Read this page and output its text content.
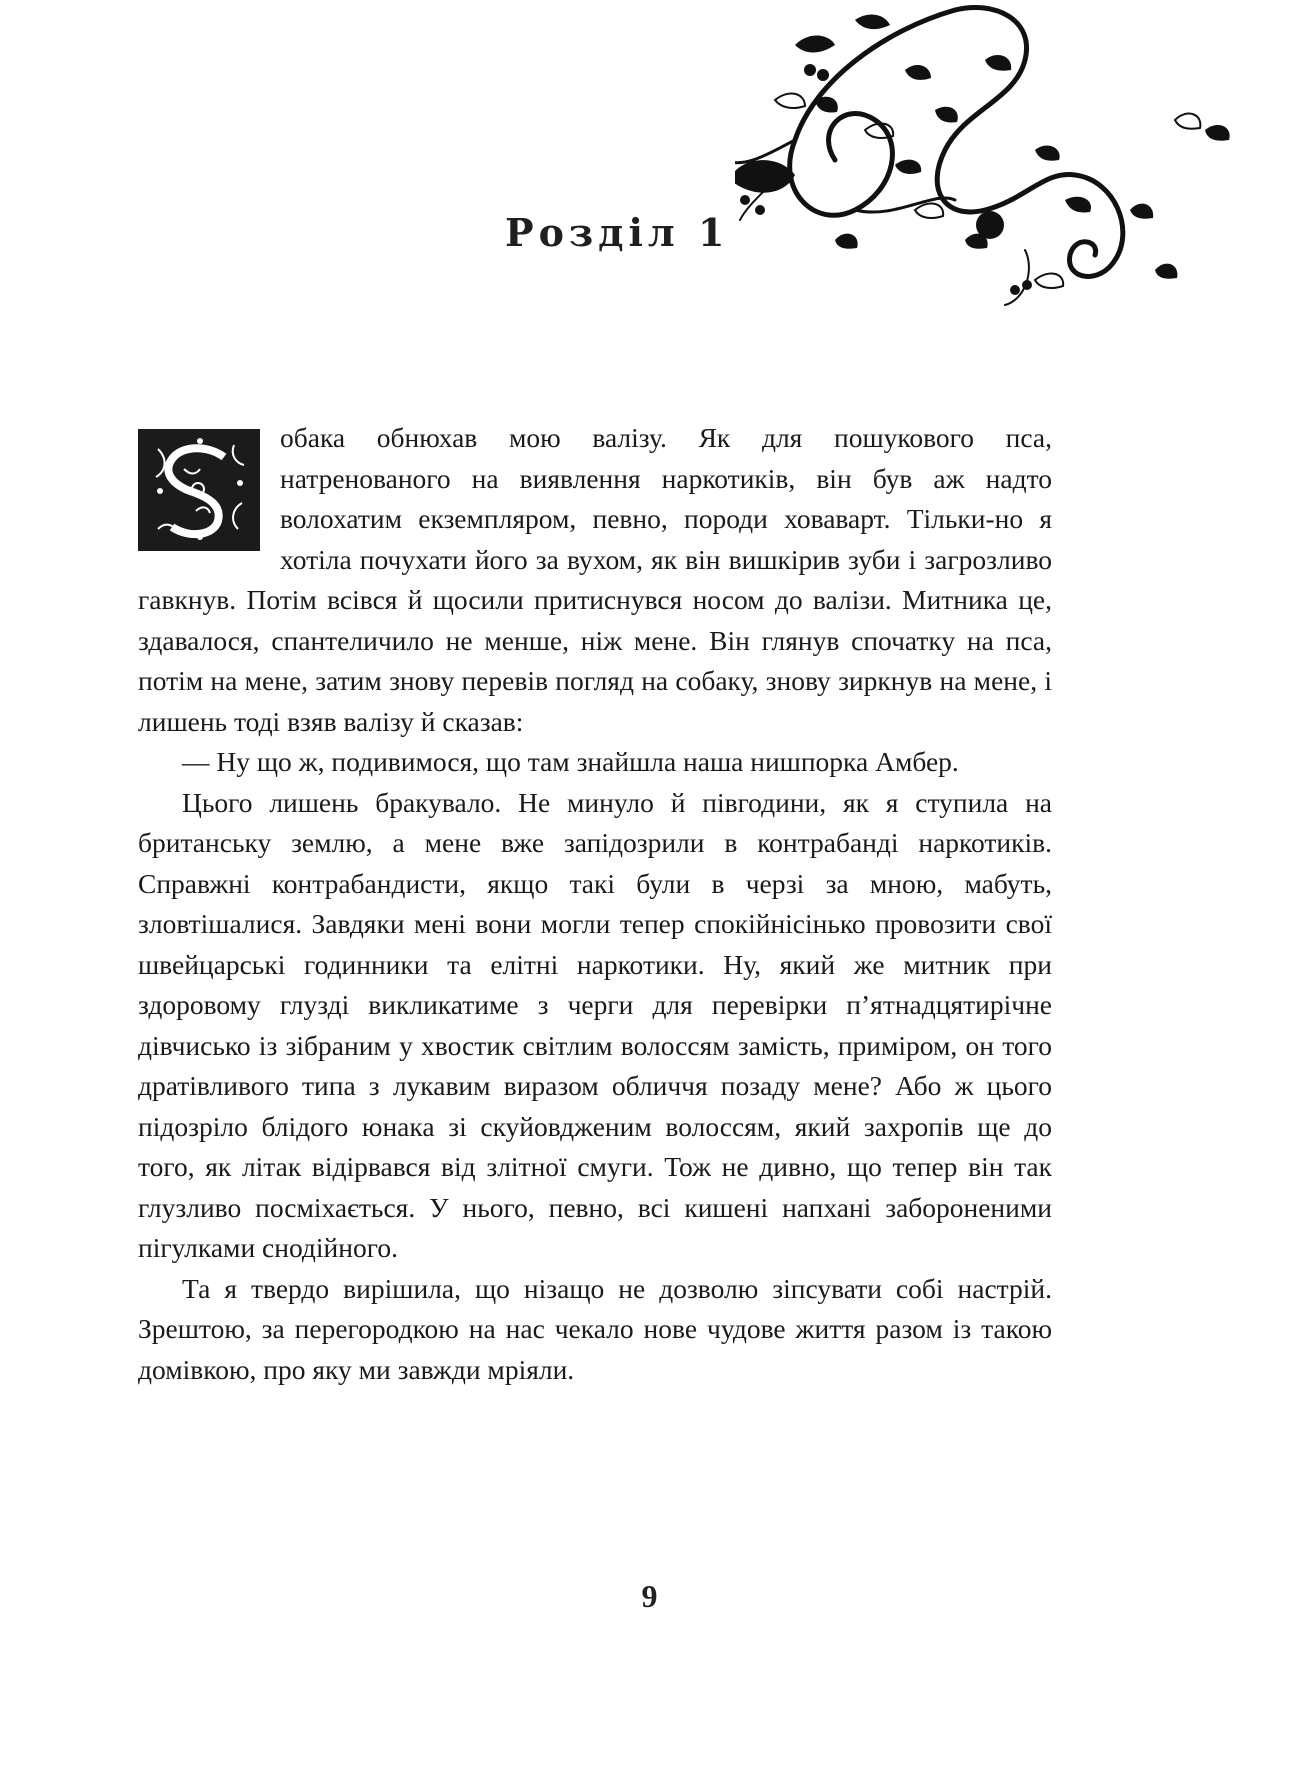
Розділ 1

обака обнюхав мою валізу. Як для пошукового пса, натренованого на виявлення наркотиків, він був аж надто волохатим екземпляром, певно, породи ховаварт. Тільки-но я хотіла почухати його за вухом, як він вишкірив зуби і загрозливо гавкнув. Потім всівся й щосили притиснувся носом до валізи. Митника це, здавалося, спантеличило не менше, ніж мене. Він глянув спочатку на пса, потім на мене, затим знову перевів погляд на собаку, знову зиркнув на мене, і лишень тоді взяв валізу й сказав:

— Ну що ж, подивимося, що там знайшла наша нишпорка Амбер.

Цього лишень бракувало. Не минуло й півгодини, як я ступила на британську землю, а мене вже запідозрили в контрабанді наркотиків. Справжні контрабандисти, якщо такі були в черзі за мною, мабуть, зловтішалися. Завдяки мені вони могли тепер спокійнісінько провозити свої швейцарські годинники та елітні наркотики. Ну, який же митник при здоровому глузді викликатиме з черги для перевірки п’ятнадцятирічне дівчисько із зібраним у хвостик світлим волоссям замість, приміром, он того дратівливого типа з лукавим виразом обличчя позаду мене? Або ж цього підозріло блідого юнака зі скуйовдженим волоссям, який захропів ще до того, як літак відірвався від злітної смуги. Тож не дивно, що тепер він так глузливо посміхається. У нього, певно, всі кишені напхані забороненими пігулками снодійного.

Та я твердо вирішила, що нізащо не дозволю зіпсувати собі настрій. Зрештою, за перегородкою на нас чекало нове чудове життя разом із такою домівкою, про яку ми завжди мріяли.

9
